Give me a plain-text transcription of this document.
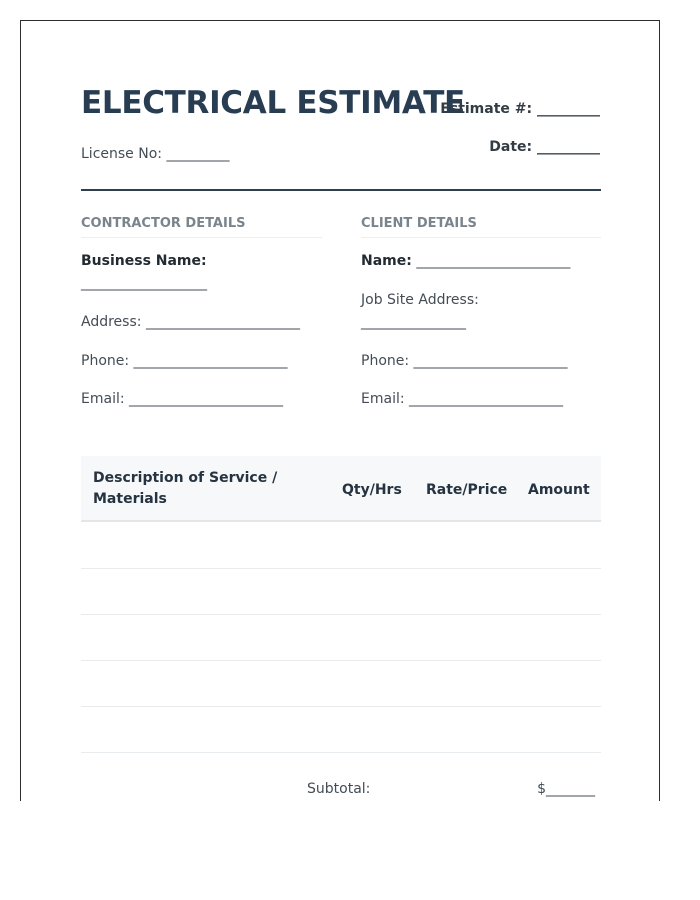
ELECTRICAL ESTIMATE
Estimate #: _________
Date: _________
License No: _________
CONTRACTOR DETAILS	CLIENT DETAILS
Business Name:
__________________
Address: ______________________
Phone: ______________________
Email: ______________________
Name: ______________________
Job Site Address:
_______________
Phone: ______________________
Email: ______________________
Description of Service / Materials
Qty/Hrs Rate/Price Amount
Subtotal:	$_______
